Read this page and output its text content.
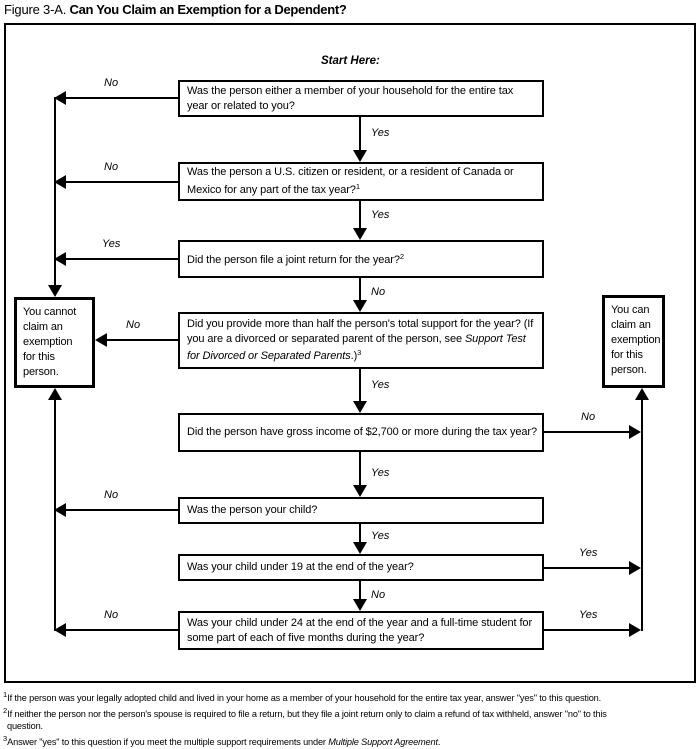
Figure 3-A. Can You Claim an Exemption for a Dependent?
Start Here:
Was the person either a member of your household for the entire tax year or related to you?
Was the person a U.S. citizen or resident, or a resident of Canada or Mexico for any part of the tax year?$^1$
Did the person file a joint return for the year?$^2$
Did you provide more than half the person's total support for the year? (If you are a divorced or separated parent of the person, see Support Test for Divorced or Separated Parents.)$^3$
Did the person have gross income of $2,700 or more during the tax year?
Was the person your child?
Was your child under 19 at the end of the year?
Was your child under 24 at the end of the year and a full-time student for some part of each of five months during the year?
You cannot
claim an
exemption
for this
person.
You can
claim an
exemption
for this
person.
No
Yes
No
Yes
Yes
No
No
Yes
No
Yes
No
Yes
Yes
No
No	Yes
$^1$If the person was your legally adopted child and lived in your home as a member of your household for the entire tax year, answer "yes" to this question.
$^2$If neither the person nor the person's spouse is required to file a return, but they file a joint return only to claim a refund of tax withheld, answer "no" to this
question.
$^3$Answer "yes" to this question if you meet the multiple support requirements under Multiple Support Agreement.
